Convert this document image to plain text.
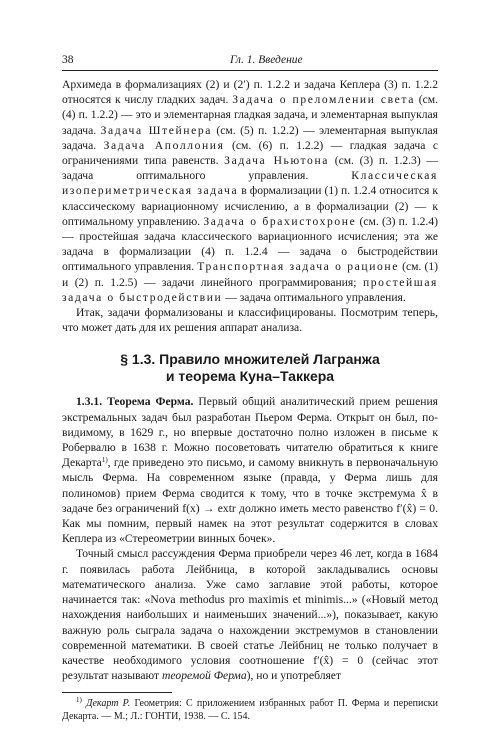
38	Гл. 1. Введение

Архимеда в формализациях (2) и (2′) п. 1.2.2 и задача Кеплера (3) п. 1.2.2 относятся к числу гладких задач. Задача о преломлении света (см. (4) п. 1.2.2) — это и элементарная гладкая задача, и элементарная выпуклая задача. Задача Штейнера (см. (5) п. 1.2.2) — элементарная выпуклая задача. Задача Аполлония (см. (6) п. 1.2.2) — гладкая задача с ограничениями типа равенств. Задача Ньютона (см. (3) п. 1.2.3) — задача оптимального управления. Классическая изопериметрическая задача в формализации (1) п. 1.2.4 относится к классическому вариационному исчислению, а в формализации (2) — к оптимальному управлению. Задача о брахистохроне (см. (3) п. 1.2.4) — простейшая задача классического вариационного исчисления; эта же задача в формализации (4) п. 1.2.4 — задача о быстродействии оптимального управления. Транспортная задача о рационе (см. (1) и (2) п. 1.2.5) — задачи линейного программирования; простейшая задача о быстродействии — задача оптимального управления.

Итак, задачи формализованы и классифицированы. Посмотрим теперь, что может дать для их решения аппарат анализа.

§ 1.3. Правило множителей Лагранжа
и теорема Куна–Таккера

1.3.1. Теорема Ферма. Первый общий аналитический прием решения экстремальных задач был разработан Пьером Ферма. Открыт он был, по-видимому, в 1629 г., но впервые достаточно полно изложен в письме к Робервалю в 1638 г. Можно посоветовать читателю обратиться к книге Декарта$^{1)}$, где приведено это письмо, и самому вникнуть в первоначальную мысль Ферма. На современном языке (правда, у Ферма лишь для полиномов) прием Ферма сводится к тому, что в точке экстремума x̂ в задаче без ограничений f(x) → extr должно иметь место равенство f′(x̂) = 0. Как мы помним, первый намек на этот результат содержится в словах Кеплера из «Стереометрии винных бочек».

Точный смысл рассуждения Ферма приобрели через 46 лет, когда в 1684 г. появилась работа Лейбница, в которой закладывались основы математического анализа. Уже само заглавие этой работы, которое начинается так: «Nova methodus pro maximis et minimis...» («Новый метод нахождения наибольших и наименьших значений...»), показывает, какую важную роль сыграла задача о нахождении экстремумов в становлении современной математики. В своей статье Лейбниц не только получает в качестве необходимого условия соотношение f′(x̂) = 0 (сейчас этот результат называют теоремой Ферма), но и употребляет

$^{1)}$ Декарт Р. Геометрия: С приложением избранных работ П. Ферма и переписки Декарта. — М.; Л.: ГОНТИ, 1938. — С. 154.
